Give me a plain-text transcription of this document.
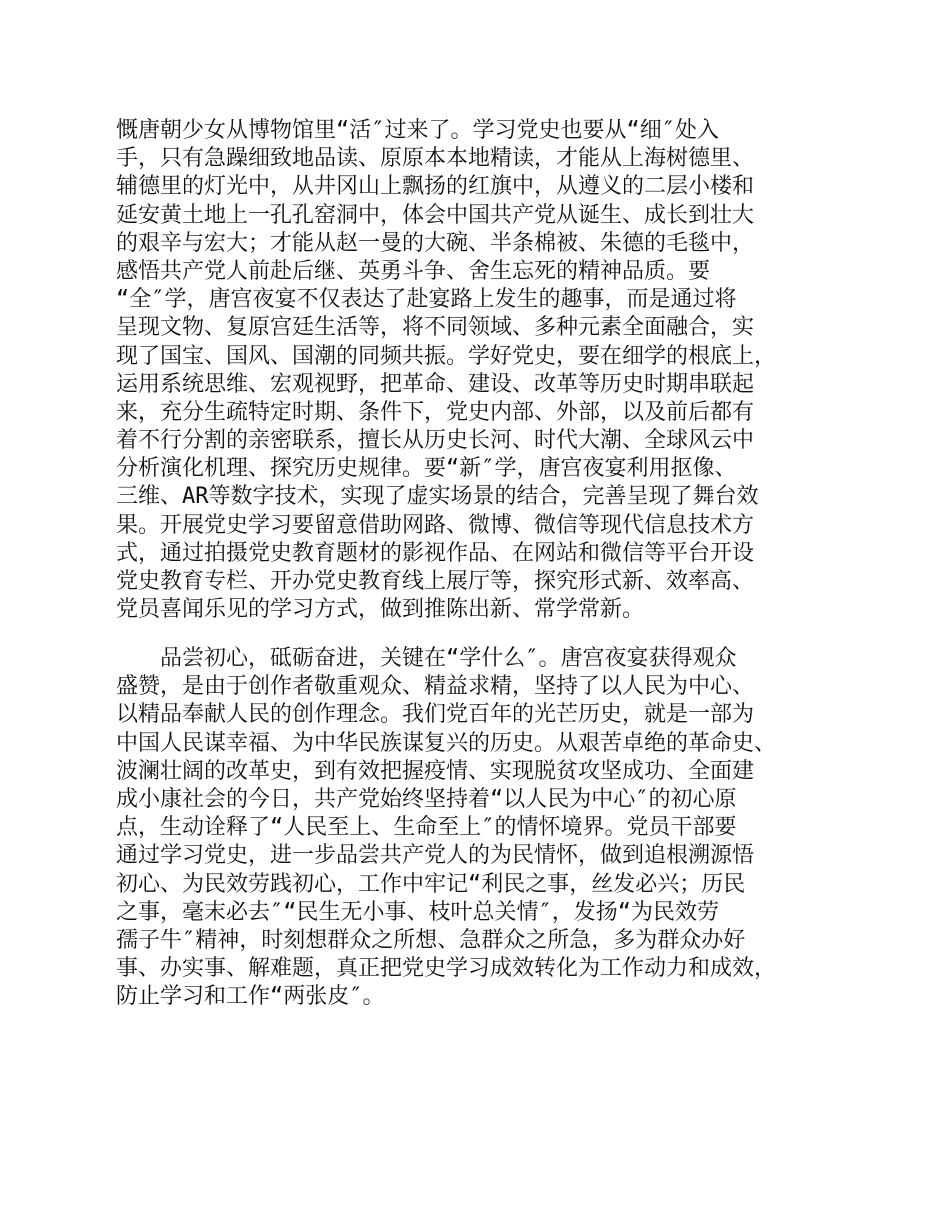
慨唐朝少女从博物馆里“活″过来了。学习党史也要从“细″处入
手，只有急躁细致地品读、原原本本地精读，才能从上海树德里、
辅德里的灯光中，从井冈山上飘扬的红旗中，从遵义的二层小楼和
延安黄土地上一孔孔窑洞中，体会中国共产党从诞生、成长到壮大
的艰辛与宏大；才能从赵一曼的大碗、半条棉被、朱德的毛毯中，
感悟共产党人前赴后继、英勇斗争、舍生忘死的精神品质。要
“全″学，唐宫夜宴不仅表达了赴宴路上发生的趣事，而是通过将
呈现文物、复原宫廷生活等，将不同领域、多种元素全面融合，实
现了国宝、国风、国潮的同频共振。学好党史，要在细学的根底上，
运用系统思维、宏观视野，把革命、建设、改革等历史时期串联起
来，充分生疏特定时期、条件下，党史内部、外部，以及前后都有
着不行分割的亲密联系，擅长从历史长河、时代大潮、全球风云中
分析演化机理、探究历史规律。要“新″学，唐宫夜宴利用抠像、
三维、AR等数字技术，实现了虚实场景的结合，完善呈现了舞台效
果。开展党史学习要留意借助网路、微博、微信等现代信息技术方
式，通过拍摄党史教育题材的影视作品、在网站和微信等平台开设
党史教育专栏、开办党史教育线上展厅等，探究形式新、效率高、
党员喜闻乐见的学习方式，做到推陈出新、常学常新。
　　品尝初心，砥砺奋进，关键在“学什么″。唐宫夜宴获得观众
盛赞，是由于创作者敬重观众、精益求精，坚持了以人民为中心、
以精品奉献人民的创作理念。我们党百年的光芒历史，就是一部为
中国人民谋幸福、为中华民族谋复兴的历史。从艰苦卓绝的革命史、
波澜壮阔的改革史，到有效把握疫情、实现脱贫攻坚成功、全面建
成小康社会的今日，共产党始终坚持着“以人民为中心″的初心原
点，生动诠释了“人民至上、生命至上″的情怀境界。党员干部要
通过学习党史，进一步品尝共产党人的为民情怀，做到追根溯源悟
初心、为民效劳践初心，工作中牢记“利民之事，丝发必兴；历民
之事，毫末必去″“民生无小事、枝叶总关情″，发扬“为民效劳
孺子牛″精神，时刻想群众之所想、急群众之所急，多为群众办好
事、办实事、解难题，真正把党史学习成效转化为工作动力和成效，
防止学习和工作“两张皮″。
